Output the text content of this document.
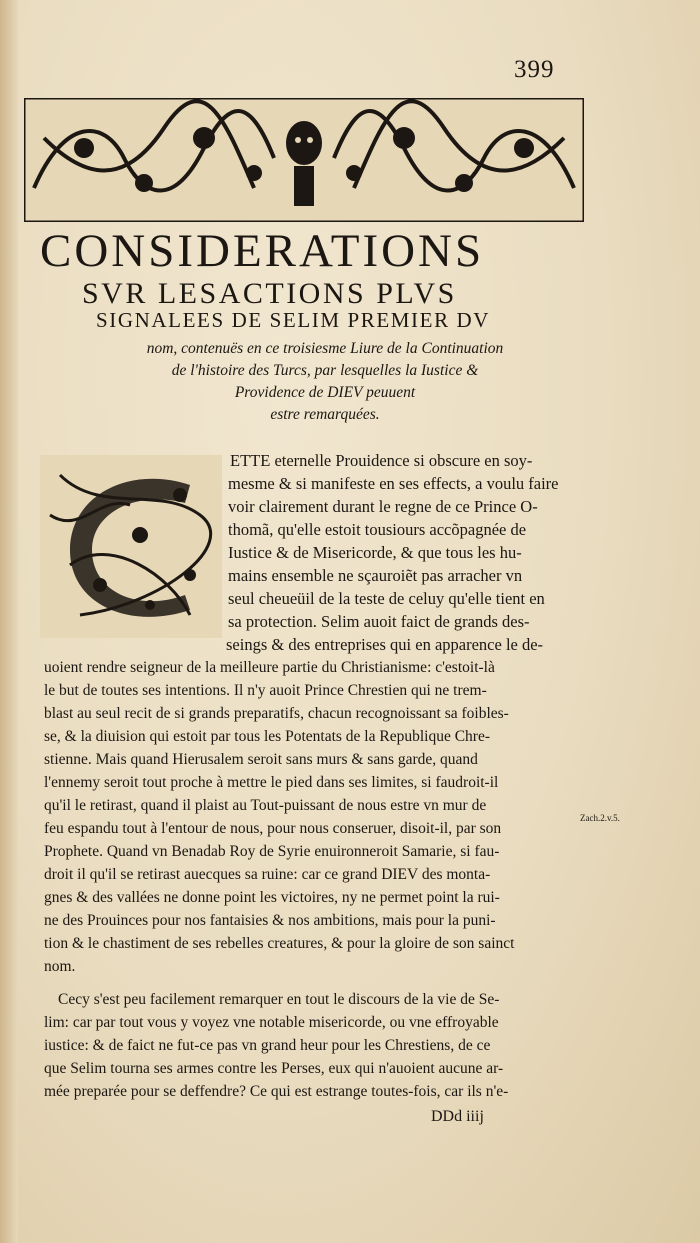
399
CONSIDERATIONS
SVR LESACTIONS PLVS
SIGNALEES DE SELIM PREMIER DV
nom, contenuës en ce troisiesme Liure de la Continuation
de l'histoire des Turcs, par lesquelles la Iustice &
Providence de DIEV peuuent
estre remarquées.
ETTE eternelle Prouidence si obscure en soy-
mesme & si manifeste en ses effects, a voulu faire
voir clairement durant le regne de ce Prince O-
thomã, qu'elle estoit tousiours accõpagnée de
Iustice & de Misericorde, & que tous les hu-
mains ensemble ne sçauroiẽt pas arracher vn
seul cheueüil de la teste de celuy qu'elle tient en
sa protection. Selim auoit faict de grands des-
seings & des entreprises qui en apparence le de-
uoient rendre seigneur de la meilleure partie du Christianisme: c'estoit-là
le but de toutes ses intentions. Il n'y auoit Prince Chrestien qui ne trem-
blast au seul recit de si grands preparatifs, chacun recognoissant sa foibles-
se, & la diuision qui estoit par tous les Potentats de la Republique Chre-
stienne. Mais quand Hierusalem seroit sans murs & sans garde, quand
l'ennemy seroit tout proche à mettre le pied dans ses limites, si faudroit-il
qu'il le retirast, quand il plaist au Tout-puissant de nous estre vn mur de
feu espandu tout à l'entour de nous, pour nous conseruer, disoit-il, par son
Prophete. Quand vn Benadab Roy de Syrie enuironneroit Samarie, si fau-
droit il qu'il se retirast auecques sa ruine: car ce grand DIEV des monta-
gnes & des vallées ne donne point les victoires, ny ne permet point la rui-
ne des Prouinces pour nos fantaisies & nos ambitions, mais pour la puni-
tion & le chastiment de ses rebelles creatures, & pour la gloire de son sainct
nom.
Cecy s'est peu facilement remarquer en tout le discours de la vie de Se-
lim: car par tout vous y voyez vne notable misericorde, ou vne effroyable
iustice: & de faict ne fut-ce pas vn grand heur pour les Chrestiens, de ce
que Selim tourna ses armes contre les Perses, eux qui n'auoient aucune ar-
mée preparée pour se deffendre? Ce qui est estrange toutes-fois, car ils n'e-
Zach.2.v.5.
DDd iiij
